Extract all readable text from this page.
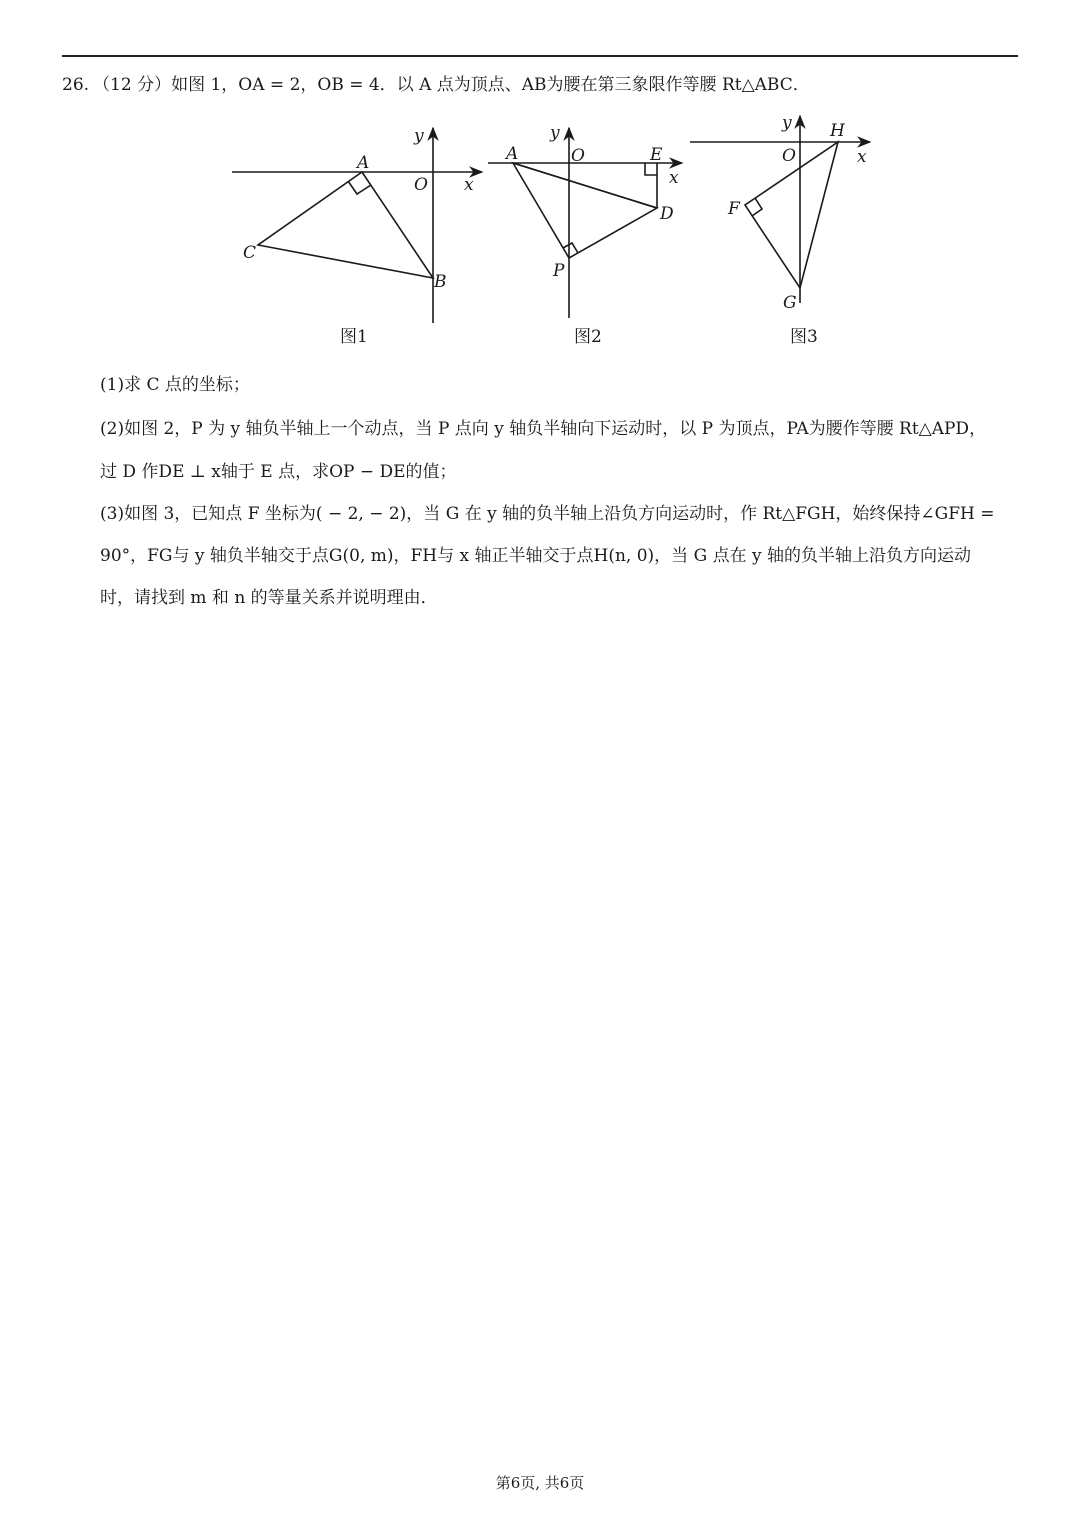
26. （12 分）如图 1，OA = 2，OB = 4．以 A 点为顶点、AB为腰在第三象限作等腰 Rt△ABC．
y
x
O
A
B
C
图1
y
x
O
A	E
D
P
图2
y
x
O
H
F
G
图3
(1)求 C 点的坐标；
(2)如图 2，P 为 y 轴负半轴上一个动点，当 P 点向 y 轴负半轴向下运动时，以 P 为顶点，PA为腰作等腰 Rt△APD，
过 D 作DE ⊥ x轴于 E 点，求OP − DE的值；
(3)如图 3，已知点 F 坐标为( − 2, − 2)，当 G 在 y 轴的负半轴上沿负方向运动时，作 Rt△FGH，始终保持∠GFH =
90°，FG与 y 轴负半轴交于点G(0, m)，FH与 x 轴正半轴交于点H(n, 0)，当 G 点在 y 轴的负半轴上沿负方向运动
时，请找到 m 和 n 的等量关系并说明理由．
第6页, 共6页
